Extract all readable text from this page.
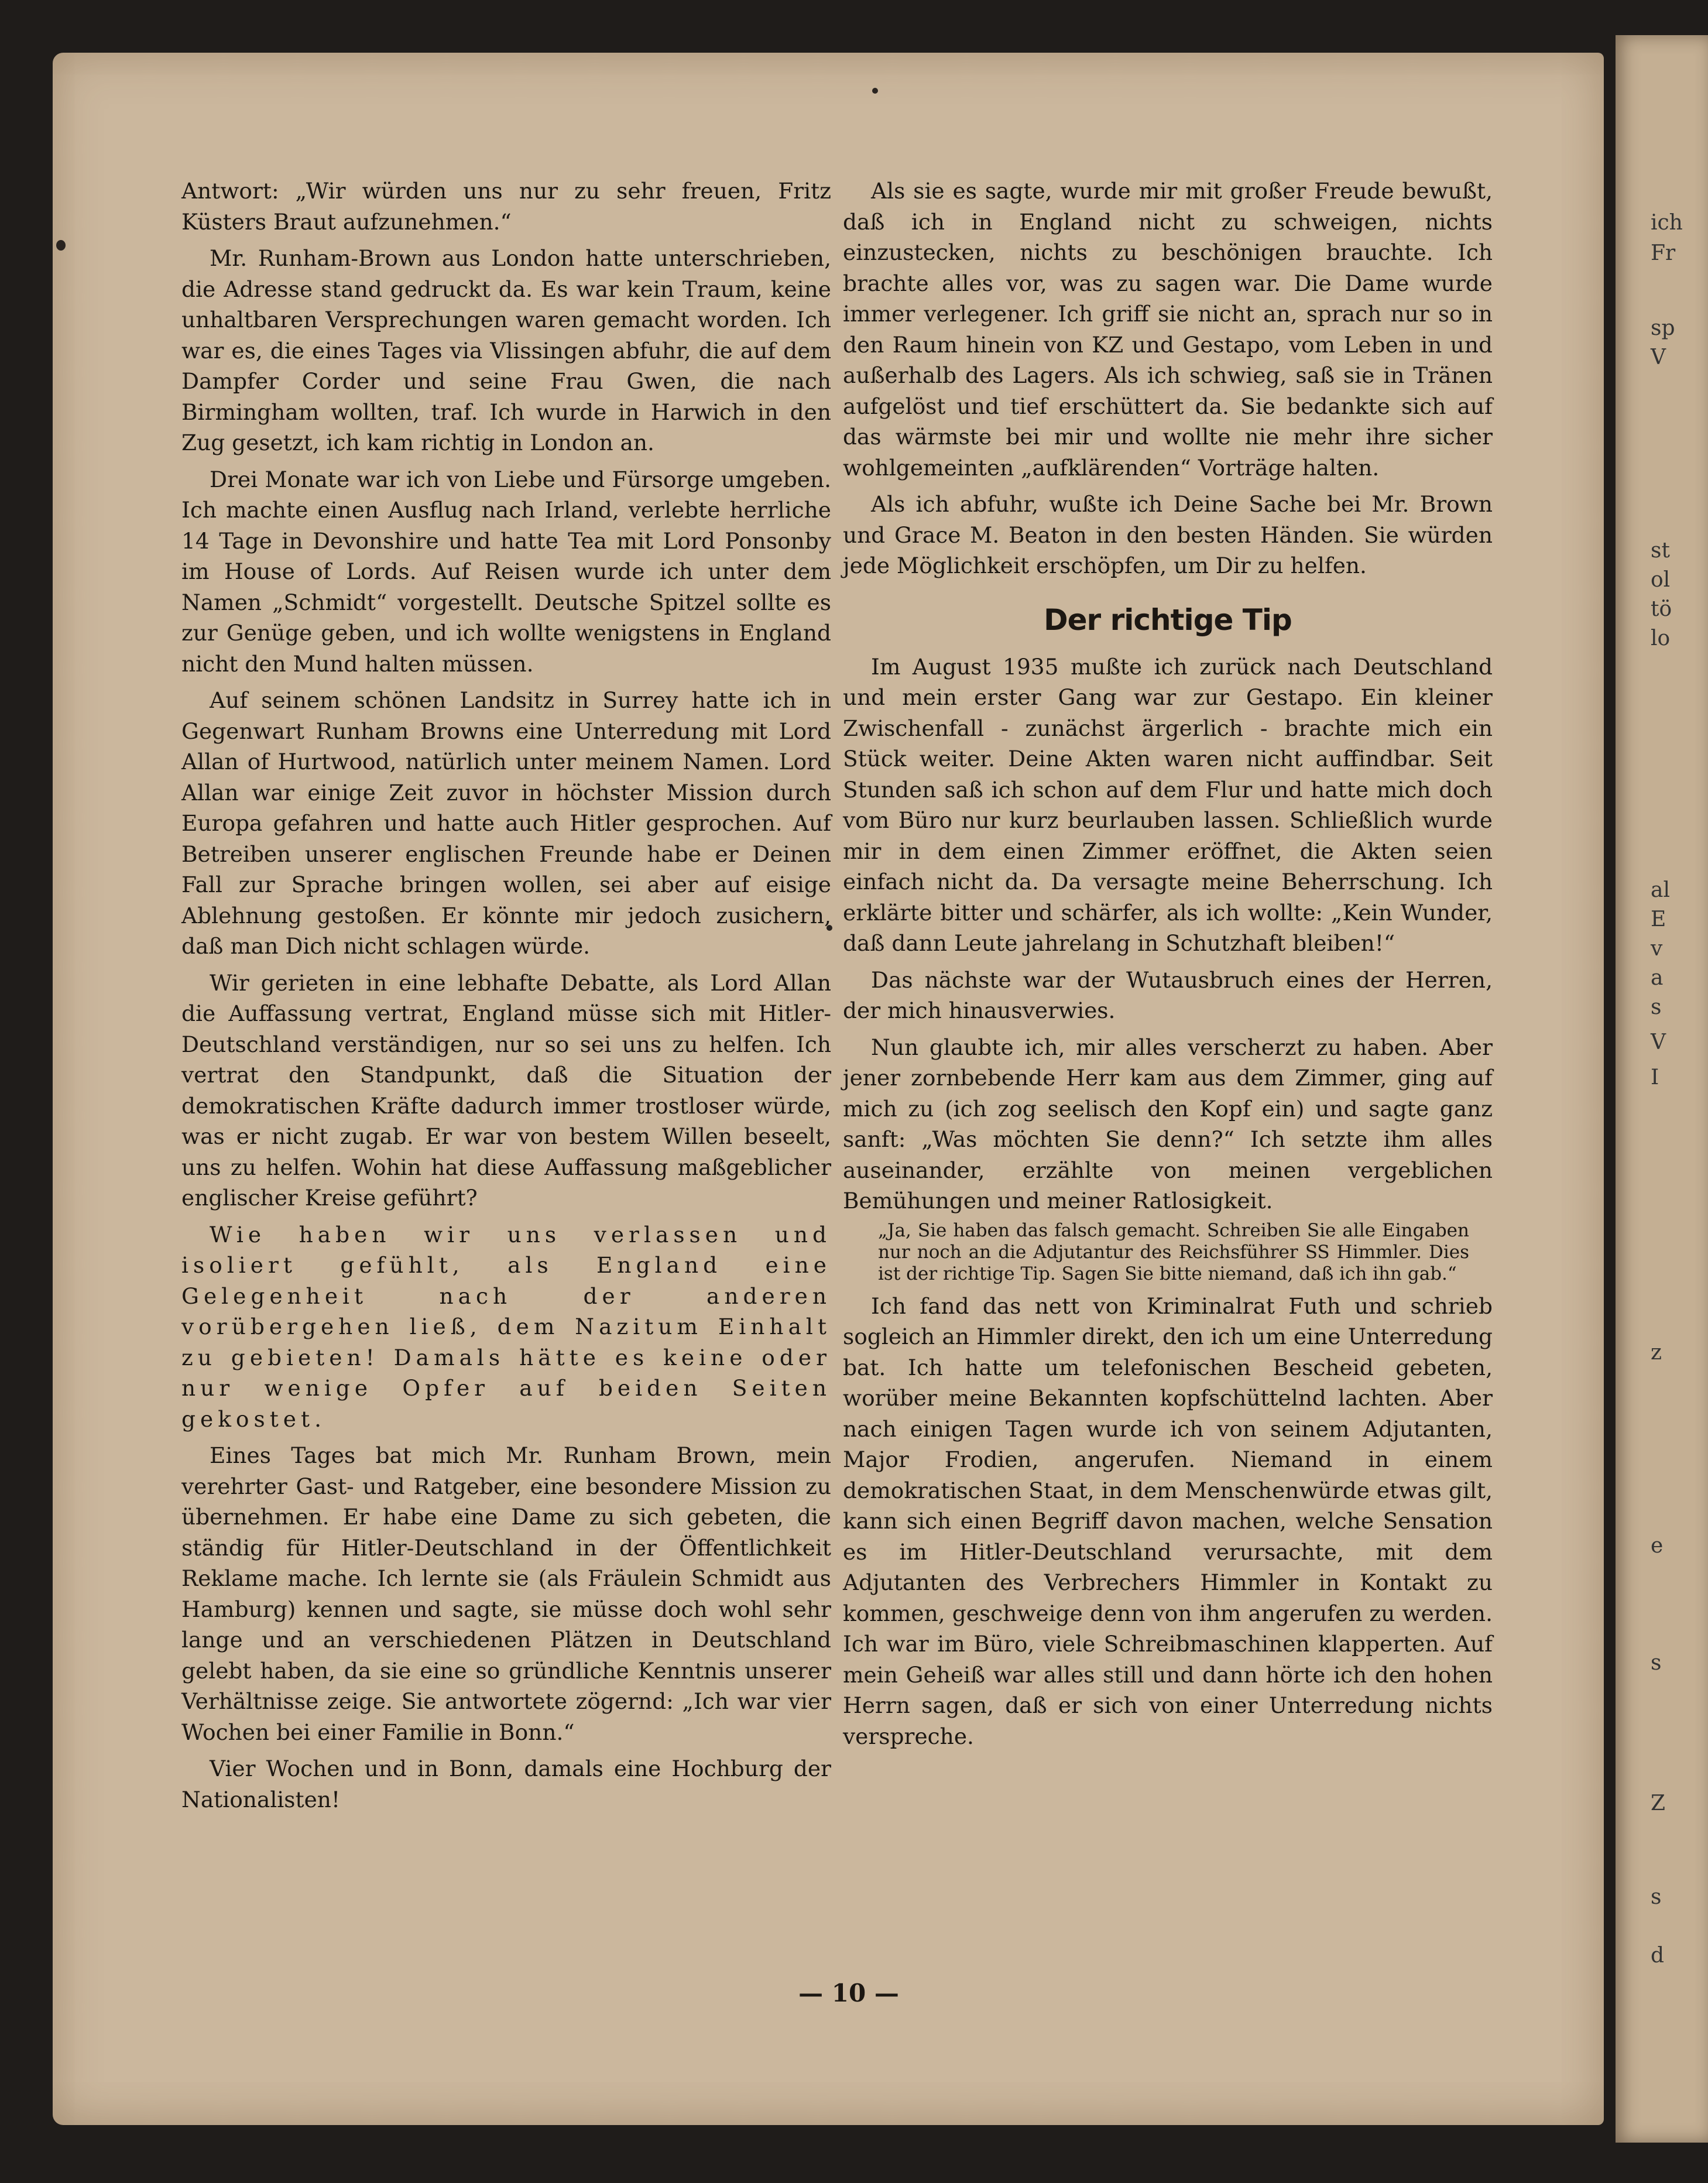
ich
Fr
sp
V
st
ol
tö
lo
al
E
v
a
s
V
I
z
e
s
Z
s
d

Antwort: „Wir würden uns nur zu sehr freuen, Fritz Küsters Braut aufzunehmen.“

Mr. Runham-Brown aus London hatte unterschrieben, die Adresse stand gedruckt da. Es war kein Traum, keine unhaltbaren Versprechungen waren gemacht worden. Ich war es, die eines Tages via Vlissingen abfuhr, die auf dem Dampfer Corder und seine Frau Gwen, die nach Birmingham wollten, traf. Ich wurde in Harwich in den Zug gesetzt, ich kam richtig in London an.

Drei Monate war ich von Liebe und Fürsorge umgeben. Ich machte einen Ausflug nach Irland, verlebte herrliche 14 Tage in Devonshire und hatte Tea mit Lord Ponsonby im House of Lords. Auf Reisen wurde ich unter dem Namen „Schmidt“ vorgestellt. Deutsche Spitzel sollte es zur Genüge geben, und ich wollte wenigstens in England nicht den Mund halten müssen.

Auf seinem schönen Landsitz in Surrey hatte ich in Gegenwart Runham Browns eine Unterredung mit Lord Allan of Hurtwood, natürlich unter meinem Namen. Lord Allan war einige Zeit zuvor in höchster Mission durch Europa gefahren und hatte auch Hitler gesprochen. Auf Betreiben unserer englischen Freunde habe er Deinen Fall zur Sprache bringen wollen, sei aber auf eisige Ablehnung gestoßen. Er könnte mir jedoch zusichern, daß man Dich nicht schlagen würde.

Wir gerieten in eine lebhafte Debatte, als Lord Allan die Auffassung vertrat, England müsse sich mit Hitler-Deutschland verständigen, nur so sei uns zu helfen. Ich vertrat den Standpunkt, daß die Situation der demokratischen Kräfte dadurch immer trostloser würde, was er nicht zugab. Er war von bestem Willen beseelt, uns zu helfen. Wohin hat diese Auffassung maßgeblicher englischer Kreise geführt?

Wie haben wir uns verlassen und isoliert gefühlt, als England eine Gelegenheit nach der anderen vorübergehen ließ, dem Nazitum Einhalt zu gebieten! Damals hätte es keine oder nur wenige Opfer auf beiden Seiten gekostet.

Eines Tages bat mich Mr. Runham Brown, mein verehrter Gast- und Ratgeber, eine besondere Mission zu übernehmen. Er habe eine Dame zu sich gebeten, die ständig für Hitler-Deutschland in der Öffentlichkeit Reklame mache. Ich lernte sie (als Fräulein Schmidt aus Hamburg) kennen und sagte, sie müsse doch wohl sehr lange und an verschiedenen Plätzen in Deutschland gelebt haben, da sie eine so gründliche Kenntnis unserer Verhältnisse zeige. Sie antwortete zögernd: „Ich war vier Wochen bei einer Familie in Bonn.“

Vier Wochen und in Bonn, damals eine Hochburg der Nationalisten!

Als sie es sagte, wurde mir mit großer Freude bewußt, daß ich in England nicht zu schweigen, nichts einzustecken, nichts zu beschönigen brauchte. Ich brachte alles vor, was zu sagen war. Die Dame wurde immer verlegener. Ich griff sie nicht an, sprach nur so in den Raum hinein von KZ und Gestapo, vom Leben in und außerhalb des Lagers. Als ich schwieg, saß sie in Tränen aufgelöst und tief erschüttert da. Sie bedankte sich auf das wärmste bei mir und wollte nie mehr ihre sicher wohlgemeinten „aufklärenden“ Vorträge halten.

Als ich abfuhr, wußte ich Deine Sache bei Mr. Brown und Grace M. Beaton in den besten Händen. Sie würden jede Möglichkeit erschöpfen, um Dir zu helfen.

Der richtige Tip

Im August 1935 mußte ich zurück nach Deutschland und mein erster Gang war zur Gestapo. Ein kleiner Zwischenfall - zunächst ärgerlich - brachte mich ein Stück weiter. Deine Akten waren nicht auffindbar. Seit Stunden saß ich schon auf dem Flur und hatte mich doch vom Büro nur kurz beurlauben lassen. Schließlich wurde mir in dem einen Zimmer eröffnet, die Akten seien einfach nicht da. Da versagte meine Beherrschung. Ich erklärte bitter und schärfer, als ich wollte: „Kein Wunder, daß dann Leute jahrelang in Schutzhaft bleiben!“

Das nächste war der Wutausbruch eines der Herren, der mich hinausverwies.

Nun glaubte ich, mir alles verscherzt zu haben. Aber jener zornbebende Herr kam aus dem Zimmer, ging auf mich zu (ich zog seelisch den Kopf ein) und sagte ganz sanft: „Was möchten Sie denn?“ Ich setzte ihm alles auseinander, erzählte von meinen vergeblichen Bemühungen und meiner Ratlosigkeit.

„Ja, Sie haben das falsch gemacht. Schreiben Sie alle Eingaben nur noch an die Adjutantur des Reichsführer SS Himmler. Dies ist der richtige Tip. Sagen Sie bitte niemand, daß ich ihn gab.“

Ich fand das nett von Kriminalrat Futh und schrieb sogleich an Himmler direkt, den ich um eine Unterredung bat. Ich hatte um telefonischen Bescheid gebeten, worüber meine Bekannten kopfschüttelnd lachten. Aber nach einigen Tagen wurde ich von seinem Adjutanten, Major Frodien, angerufen. Niemand in einem demokratischen Staat, in dem Menschenwürde etwas gilt, kann sich einen Begriff davon machen, welche Sensation es im Hitler-Deutschland verursachte, mit dem Adjutanten des Verbrechers Himmler in Kontakt zu kommen, geschweige denn von ihm angerufen zu werden. Ich war im Büro, viele Schreibmaschinen klapperten. Auf mein Geheiß war alles still und dann hörte ich den hohen Herrn sagen, daß er sich von einer Unterredung nichts verspreche.

— 10 —
